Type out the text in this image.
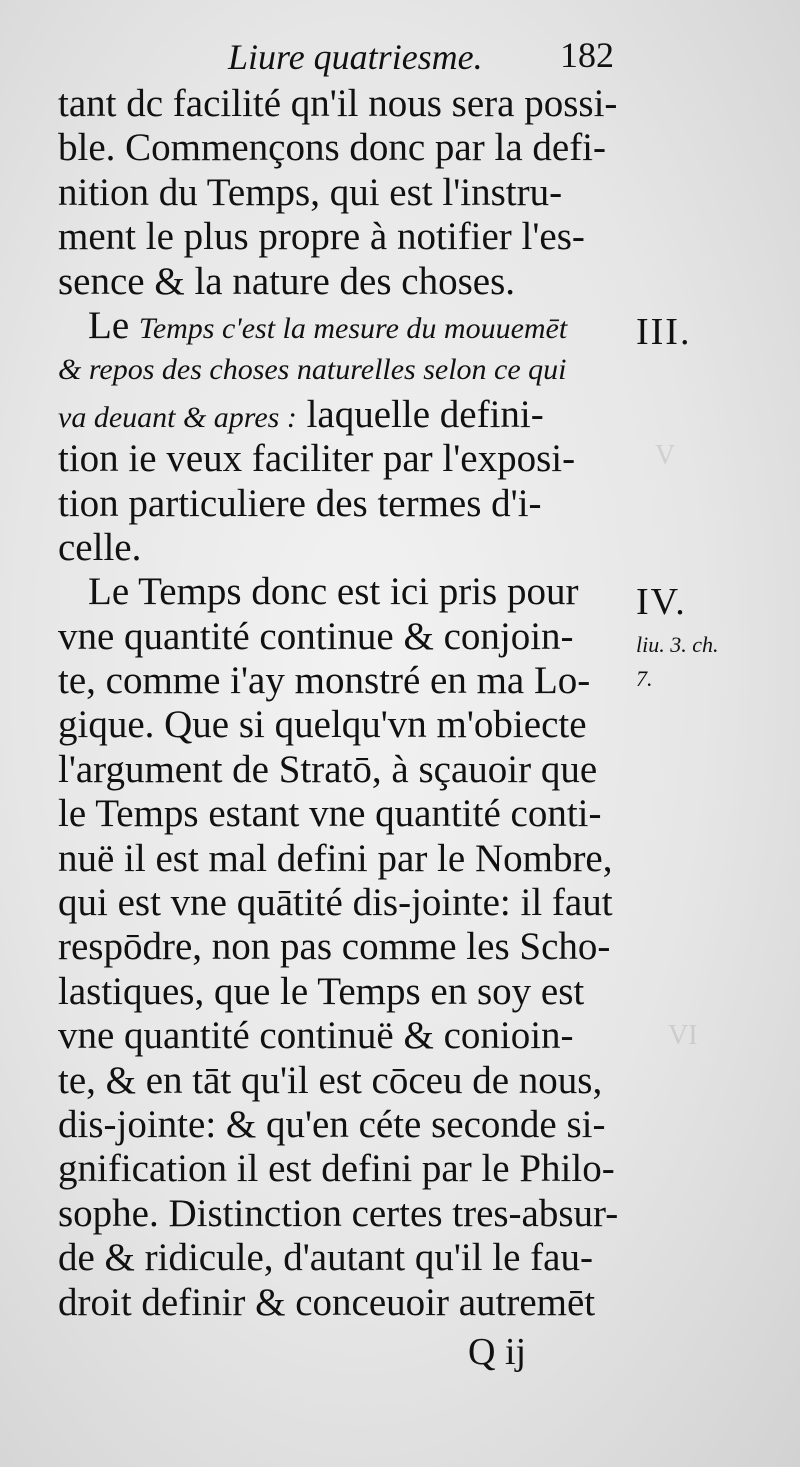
V
VI
Liure quatriesme. 182
tant dc facilité qn'il nous sera possi-
ble. Commençons donc par la defi-
nition du Temps, qui est l'instru-
ment le plus propre à notifier l'es-
sence & la nature des choses.
Le Temps c'est la mesure du mouuemēt
& repos des choses naturelles selon ce qui
va deuant & apres : laquelle defini-
tion ie veux faciliter par l'exposi-
tion particuliere des termes d'i-
celle.
Le Temps donc est ici pris pour
vne quantité continue & conjoin-
te, comme i'ay monstré en ma Lo-
gique. Que si quelqu'vn m'obiecte
l'argument de Stratō, à sçauoir que
le Temps estant vne quantité conti-
nuë il est mal defini par le Nombre,
qui est vne quātité dis-jointe: il faut
respōdre, non pas comme les Scho-
lastiques, que le Temps en soy est
vne quantité continuë & conioin-
te, & en tāt qu'il est cōceu de nous,
dis-jointe: & qu'en céte seconde si-
gnification il est defini par le Philo-
sophe. Distinction certes tres-absur-
de & ridicule, d'autant qu'il le fau-
droit definir & conceuoir autremēt
III.
IV.
liu. 3. ch.
7.
Q ij
